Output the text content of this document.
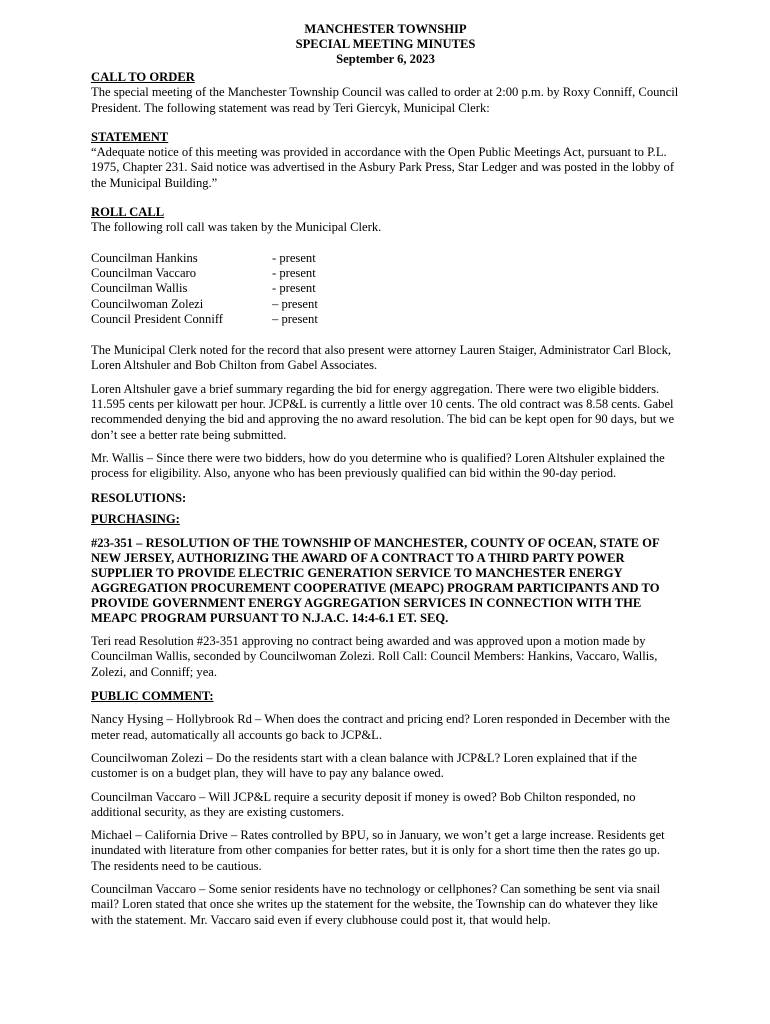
MANCHESTER TOWNSHIP
SPECIAL MEETING MINUTES
September 6, 2023
CALL TO ORDER

The special meeting of the Manchester Township Council was called to order at 2:00 p.m. by Roxy Conniff, Council President. The following statement was read by Teri Giercyk, Municipal Clerk:

STATEMENT

“Adequate notice of this meeting was provided in accordance with the Open Public Meetings Act, pursuant to P.L. 1975, Chapter 231. Said notice was advertised in the Asbury Park Press, Star Ledger and was posted in the lobby of the Municipal Building.”

ROLL CALL

The following roll call was taken by the Municipal Clerk.

Councilman Hankins	- present
Councilman Vaccaro	- present
Councilman Wallis	- present
Councilwoman Zolezi	– present
Council President Conniff	– present

The Municipal Clerk noted for the record that also present were attorney Lauren Staiger, Administrator Carl Block, Loren Altshuler and Bob Chilton from Gabel Associates.

Loren Altshuler gave a brief summary regarding the bid for energy aggregation. There were two eligible bidders. 11.595 cents per kilowatt per hour. JCP&L is currently a little over 10 cents. The old contract was 8.58 cents. Gabel recommended denying the bid and approving the no award resolution. The bid can be kept open for 90 days, but we don’t see a better rate being submitted.

Mr. Wallis – Since there were two bidders, how do you determine who is qualified? Loren Altshuler explained the process for eligibility. Also, anyone who has been previously qualified can bid within the 90-day period.

RESOLUTIONS:
PURCHASING:

#23-351 – RESOLUTION OF THE TOWNSHIP OF MANCHESTER, COUNTY OF OCEAN, STATE OF NEW JERSEY, AUTHORIZING THE AWARD OF A CONTRACT TO A THIRD PARTY POWER SUPPLIER TO PROVIDE ELECTRIC GENERATION SERVICE TO MANCHESTER ENERGY AGGREGATION PROCUREMENT COOPERATIVE (MEAPC) PROGRAM PARTICIPANTS AND TO PROVIDE GOVERNMENT ENERGY AGGREGATION SERVICES IN CONNECTION WITH THE MEAPC PROGRAM PURSUANT TO N.J.A.C. 14:4-6.1 ET. SEQ.

Teri read Resolution #23-351 approving no contract being awarded and was approved upon a motion made by Councilman Wallis, seconded by Councilwoman Zolezi. Roll Call: Council Members: Hankins, Vaccaro, Wallis, Zolezi, and Conniff; yea.

PUBLIC COMMENT:

Nancy Hysing – Hollybrook Rd – When does the contract and pricing end? Loren responded in December with the meter read, automatically all accounts go back to JCP&L.

Councilwoman Zolezi – Do the residents start with a clean balance with JCP&L? Loren explained that if the customer is on a budget plan, they will have to pay any balance owed.

Councilman Vaccaro – Will JCP&L require a security deposit if money is owed? Bob Chilton responded, no additional security, as they are existing customers.

Michael – California Drive – Rates controlled by BPU, so in January, we won’t get a large increase. Residents get inundated with literature from other companies for better rates, but it is only for a short time then the rates go up. The residents need to be cautious.

Councilman Vaccaro – Some senior residents have no technology or cellphones? Can something be sent via snail mail? Loren stated that once she writes up the statement for the website, the Township can do whatever they like with the statement. Mr. Vaccaro said even if every clubhouse could post it, that would help.
